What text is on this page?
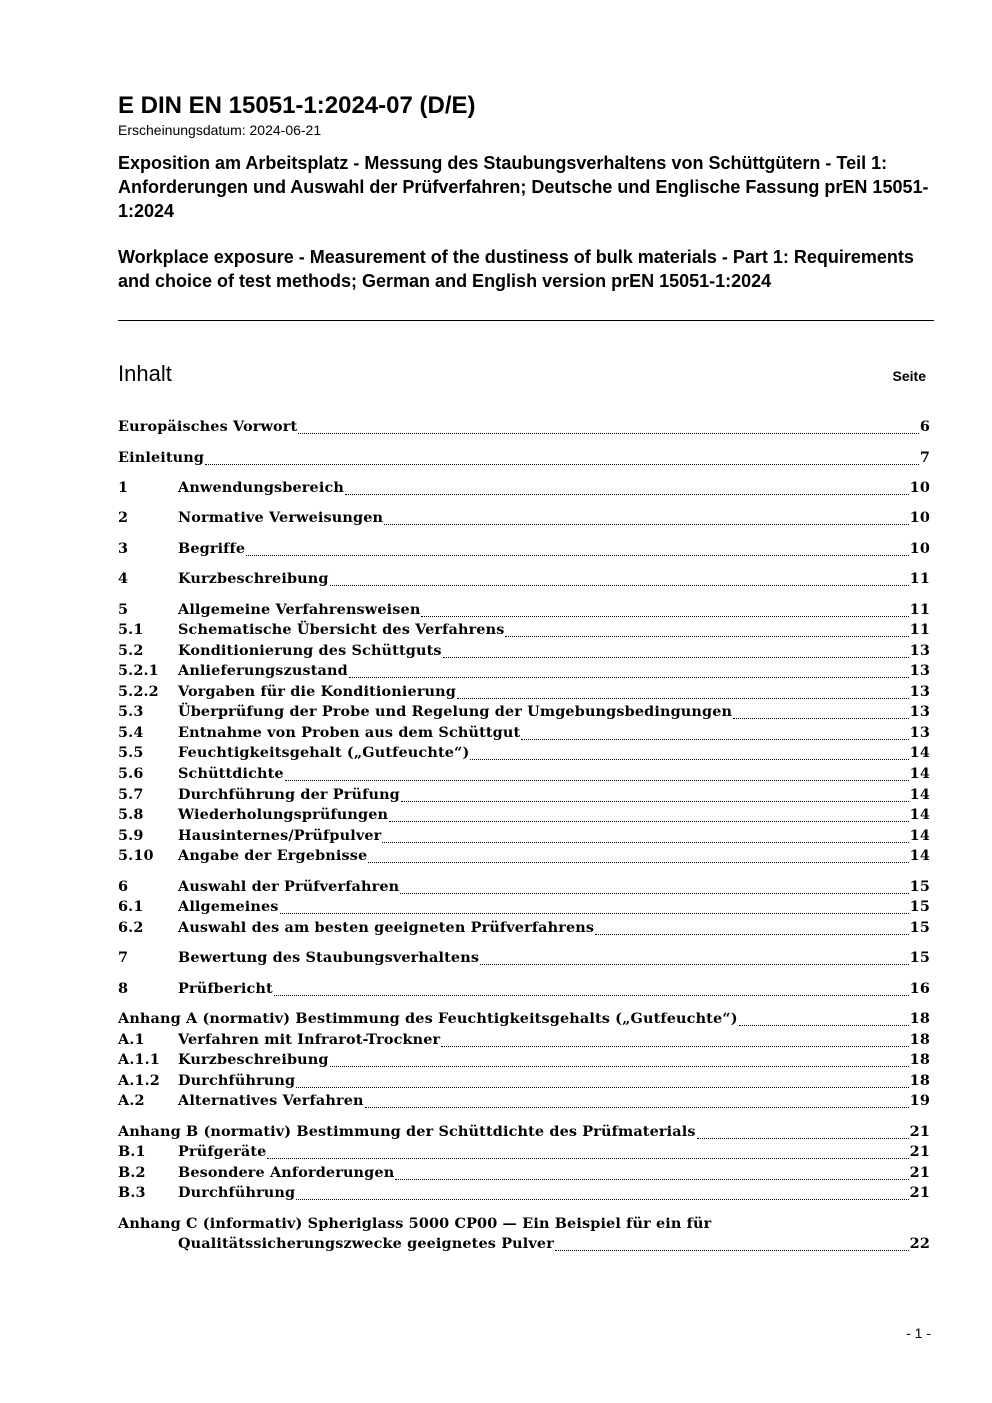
E DIN EN 15051-1:2024-07 (D/E)
Erscheinungsdatum: 2024-06-21
Exposition am Arbeitsplatz - Messung des Staubungsverhaltens von Schüttgütern - Teil 1: Anforderungen und Auswahl der Prüfverfahren; Deutsche und Englische Fassung prEN 15051-1:2024
Workplace exposure - Measurement of the dustiness of bulk materials - Part 1: Requirements and choice of test methods; German and English version prEN 15051-1:2024
Inhalt	Seite
Europäisches Vorwort	6
Einleitung	7
1	Anwendungsbereich	10
2	Normative Verweisungen	10
3	Begriffe	10
4	Kurzbeschreibung	11
5	Allgemeine Verfahrensweisen	11
5.1	Schematische Übersicht des Verfahrens	11
5.2	Konditionierung des Schüttguts	13
5.2.1	Anlieferungszustand	13
5.2.2	Vorgaben für die Konditionierung	13
5.3	Überprüfung der Probe und Regelung der Umgebungsbedingungen	13
5.4	Entnahme von Proben aus dem Schüttgut	13
5.5	Feuchtigkeitsgehalt („Gutfeuchte“)	14
5.6	Schüttdichte	14
5.7	Durchführung der Prüfung	14
5.8	Wiederholungsprüfungen	14
5.9	Hausinternes/Prüfpulver	14
5.10	Angabe der Ergebnisse	14
6	Auswahl der Prüfverfahren	15
6.1	Allgemeines	15
6.2	Auswahl des am besten geeigneten Prüfverfahrens	15
7	Bewertung des Staubungsverhaltens	15
8	Prüfbericht	16
Anhang A (normativ) Bestimmung des Feuchtigkeitsgehalts („Gutfeuchte“)	18
A.1	Verfahren mit Infrarot-Trockner	18
A.1.1	Kurzbeschreibung	18
A.1.2	Durchführung	18
A.2	Alternatives Verfahren	19
Anhang B (normativ) Bestimmung der Schüttdichte des Prüfmaterials	21
B.1	Prüfgeräte	21
B.2	Besondere Anforderungen	21
B.3	Durchführung	21
Anhang C (informativ) Spheriglass 5000 CP00 — Ein Beispiel für ein für
Qualitätssicherungszwecke geeignetes Pulver	22
- 1 -
